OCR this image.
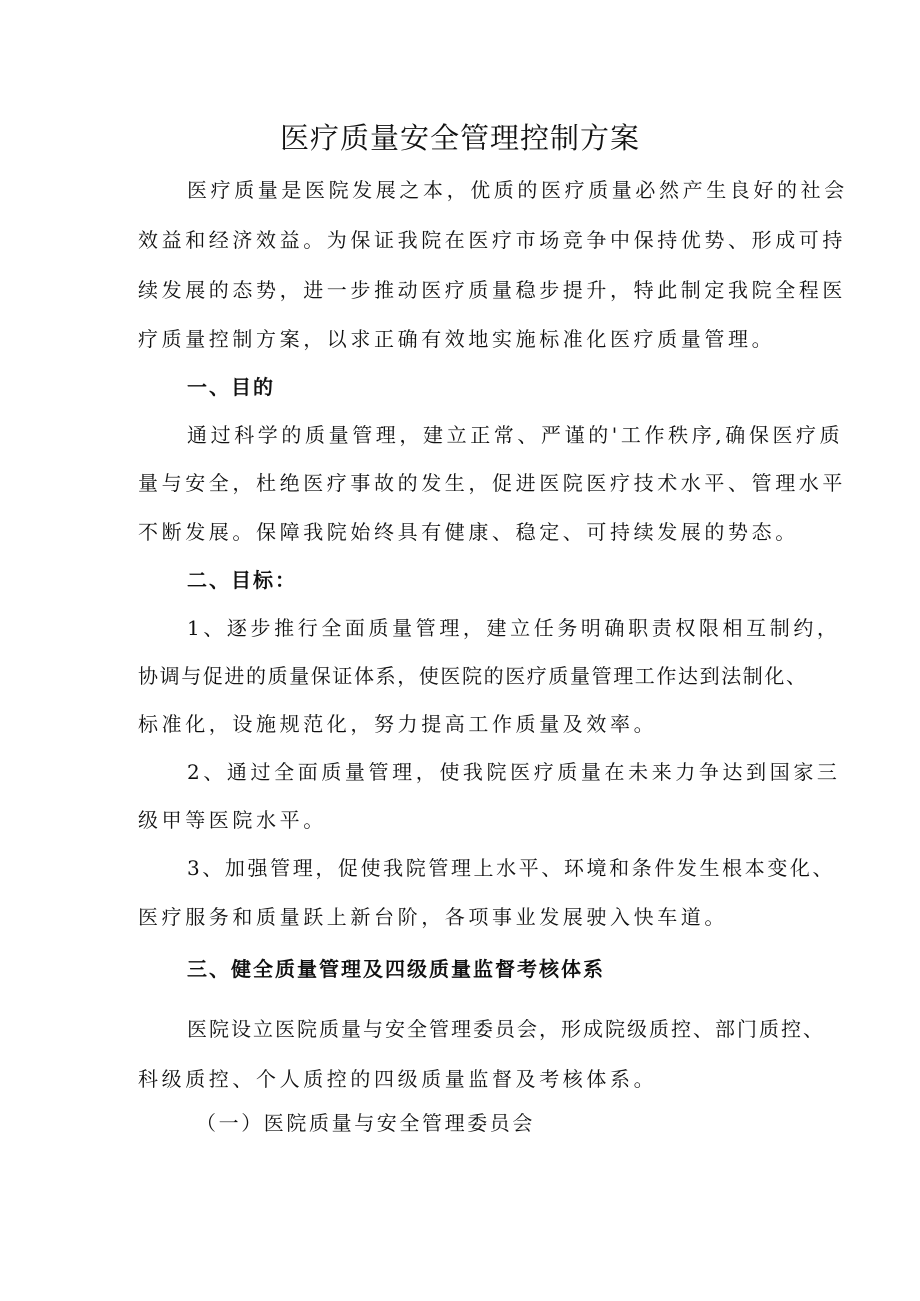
医疗质量安全管理控制方案
医疗质量是医院发展之本，优质的医疗质量必然产生良好的社会
效益和经济效益。为保证我院在医疗市场竞争中保持优势、形成可持
续发展的态势，进一步推动医疗质量稳步提升，特此制定我院全程医
疗质量控制方案，以求正确有效地实施标准化医疗质量管理。
一、目的
通过科学的质量管理，建立正常、严谨的'工作秩序,确保医疗质
量与安全，杜绝医疗事故的发生，促进医院医疗技术水平、管理水平
不断发展。保障我院始终具有健康、稳定、可持续发展的势态。
二、目标：
1、逐步推行全面质量管理，建立任务明确职责权限相互制约，
协调与促进的质量保证体系，使医院的医疗质量管理工作达到法制化、
标准化，设施规范化，努力提高工作质量及效率。
2、通过全面质量管理，使我院医疗质量在未来力争达到国家三
级甲等医院水平。
3、加强管理，促使我院管理上水平、环境和条件发生根本变化、
医疗服务和质量跃上新台阶，各项事业发展驶入快车道。
三、健全质量管理及四级质量监督考核体系
医院设立医院质量与安全管理委员会，形成院级质控、部门质控、
科级质控、个人质控的四级质量监督及考核体系。
（一）医院质量与安全管理委员会
